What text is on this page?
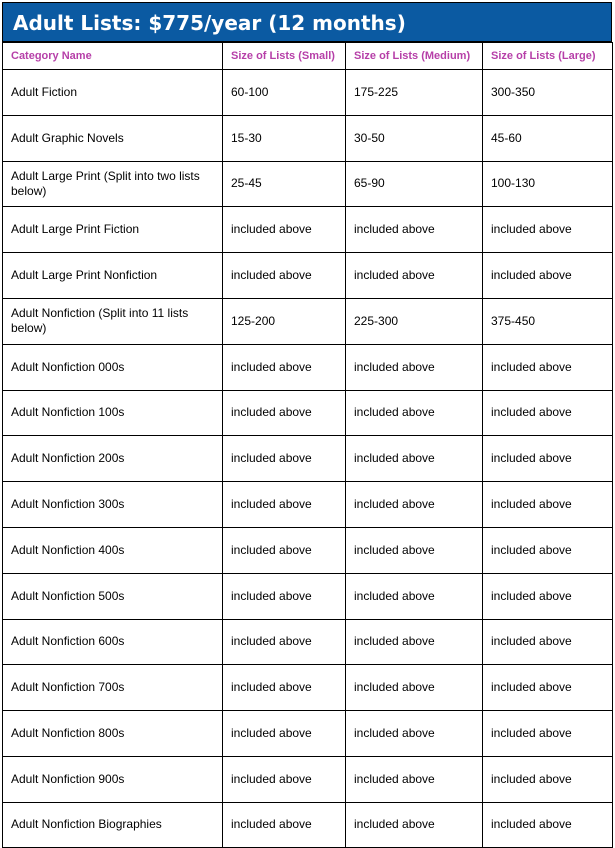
Adult Lists: $775/year (12 months)
Category Name	Size of Lists (Small)	Size of Lists (Medium)	Size of Lists (Large)
Adult Fiction	60-100	175-225	300-350
Adult Graphic Novels	15-30	30-50	45-60
Adult Large Print (Split into two lists below)	25-45	65-90	100-130
Adult Large Print Fiction	included above	included above	included above
Adult Large Print Nonfiction	included above	included above	included above
Adult Nonfiction (Split into 11 lists below)	125-200	225-300	375-450
Adult Nonfiction 000s	included above	included above	included above
Adult Nonfiction 100s	included above	included above	included above
Adult Nonfiction 200s	included above	included above	included above
Adult Nonfiction 300s	included above	included above	included above
Adult Nonfiction 400s	included above	included above	included above
Adult Nonfiction 500s	included above	included above	included above
Adult Nonfiction 600s	included above	included above	included above
Adult Nonfiction 700s	included above	included above	included above
Adult Nonfiction 800s	included above	included above	included above
Adult Nonfiction 900s	included above	included above	included above
Adult Nonfiction Biographies	included above	included above	included above
